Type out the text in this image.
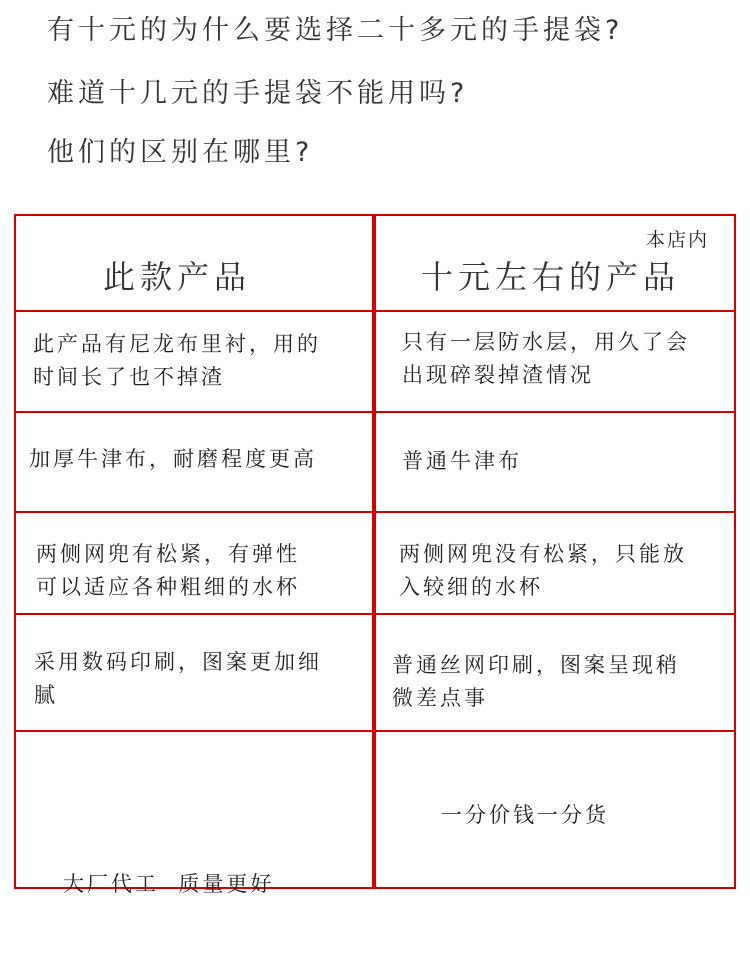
有十元的为什么要选择二十多元的手提袋?
难道十几元的手提袋不能用吗?
他们的区别在哪里?
此款产品
本店内
十元左右的产品
此产品有尼龙布里衬，用的
时间长了也不掉渣
只有一层防水层，用久了会
出现碎裂掉渣情况
加厚牛津布，耐磨程度更高	普通牛津布
两侧网兜有松紧，有弹性
可以适应各种粗细的水杯
两侧网兜没有松紧，只能放
入较细的水杯
采用数码印刷，图案更加细
腻
普通丝网印刷，图案呈现稍
微差点事

大厂代工  质量更好

一分价钱一分货
